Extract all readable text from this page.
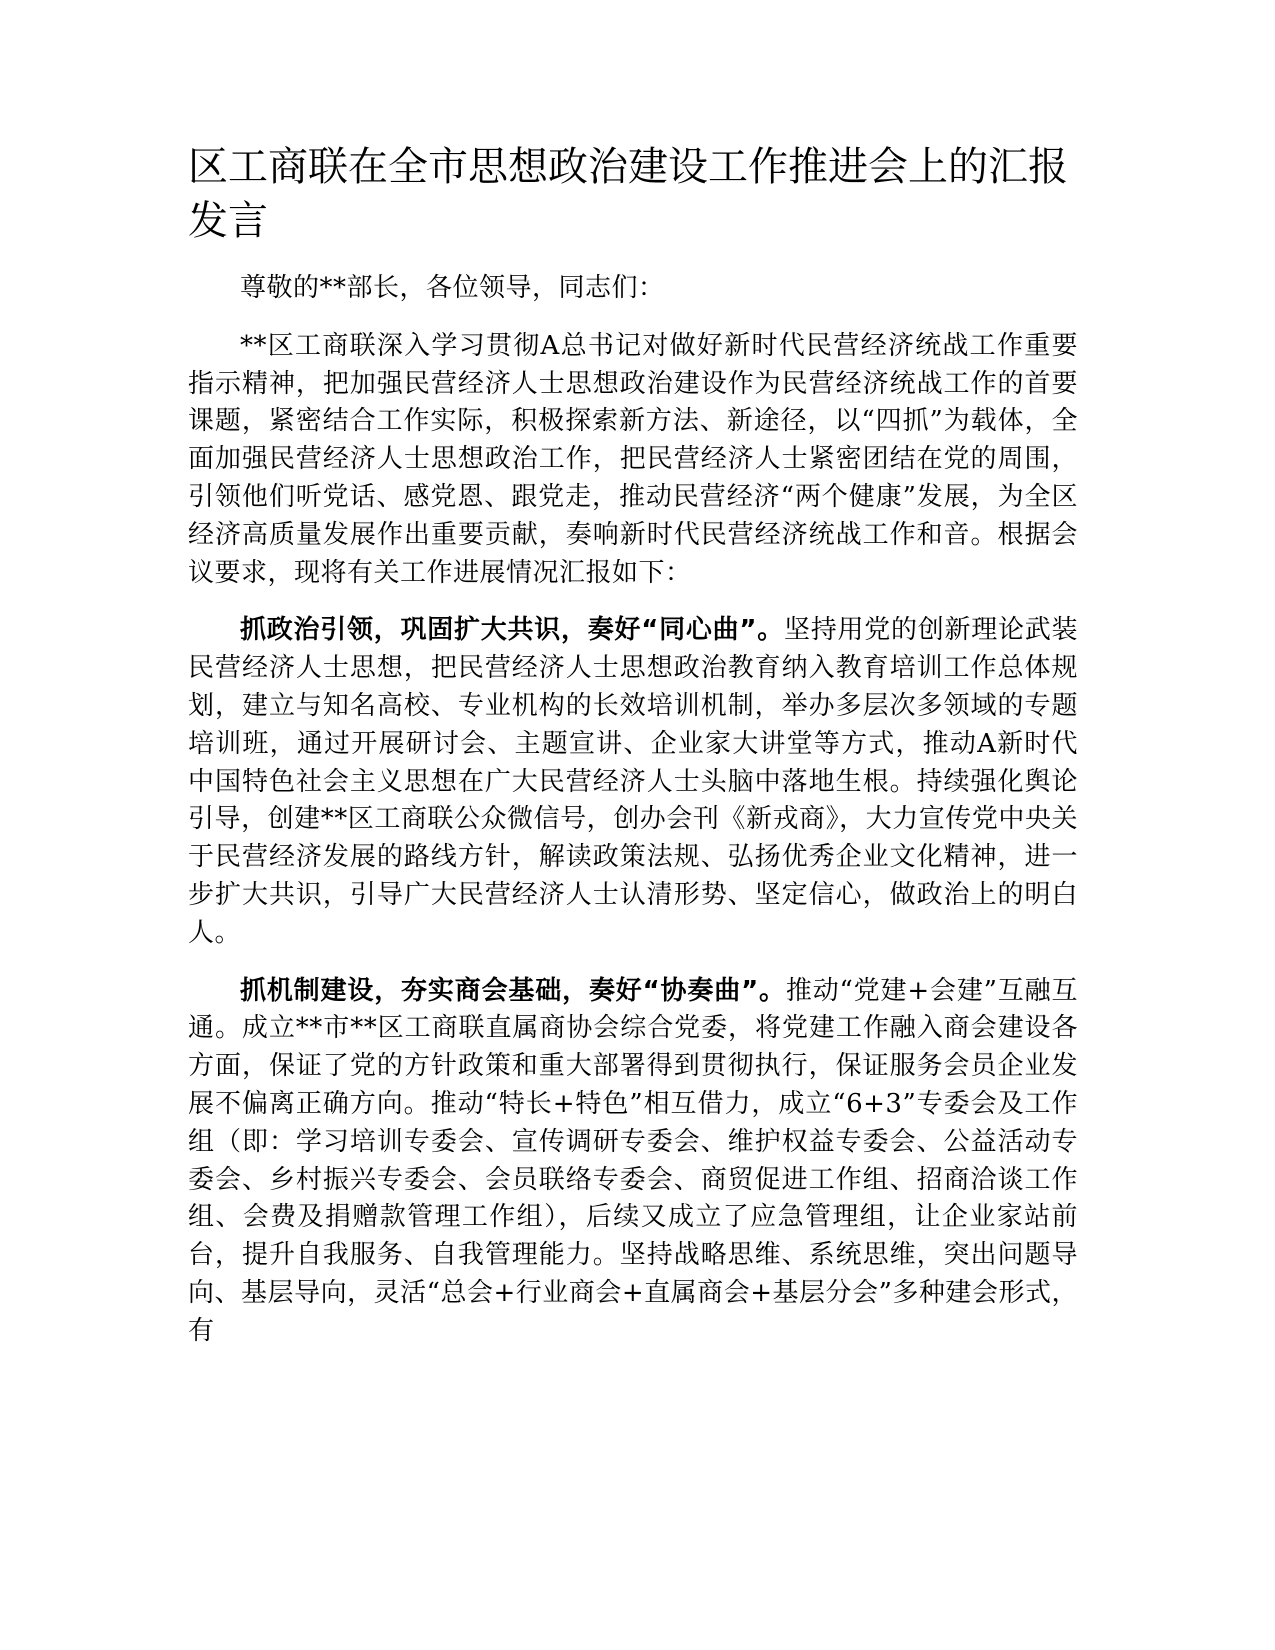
区工商联在全市思想政治建设工作推进会上的汇报发言

尊敬的**部长，各位领导，同志们：

**区工商联深入学习贯彻A总书记对做好新时代民营经济统战工作重要指示精神，把加强民营经济人士思想政治建设作为民营经济统战工作的首要课题，紧密结合工作实际，积极探索新方法、新途径，以“四抓”为载体，全面加强民营经济人士思想政治工作，把民营经济人士紧密团结在党的周围，引领他们听党话、感党恩、跟党走，推动民营经济“两个健康”发展，为全区经济高质量发展作出重要贡献，奏响新时代民营经济统战工作和音。根据会议要求，现将有关工作进展情况汇报如下：

抓政治引领，巩固扩大共识，奏好“同心曲”。坚持用党的创新理论武装民营经济人士思想，把民营经济人士思想政治教育纳入教育培训工作总体规划，建立与知名高校、专业机构的长效培训机制，举办多层次多领域的专题培训班，通过开展研讨会、主题宣讲、企业家大讲堂等方式，推动A新时代中国特色社会主义思想在广大民营经济人士头脑中落地生根。持续强化舆论引导，创建**区工商联公众微信号，创办会刊《新戎商》，大力宣传党中央关于民营经济发展的路线方针，解读政策法规、弘扬优秀企业文化精神，进一步扩大共识，引导广大民营经济人士认清形势、坚定信心，做政治上的明白人。

抓机制建设，夯实商会基础，奏好“协奏曲”。推动“党建+会建”互融互通。成立**市**区工商联直属商协会综合党委，将党建工作融入商会建设各方面，保证了党的方针政策和重大部署得到贯彻执行，保证服务会员企业发展不偏离正确方向。推动“特长+特色”相互借力，成立“6+3”专委会及工作组（即：学习培训专委会、宣传调研专委会、维护权益专委会、公益活动专委会、乡村振兴专委会、会员联络专委会、商贸促进工作组、招商洽谈工作组、会费及捐赠款管理工作组），后续又成立了应急管理组，让企业家站前台，提升自我服务、自我管理能力。坚持战略思维、系统思维，突出问题导向、基层导向，灵活“总会+行业商会+直属商会+基层分会”多种建会形式，有
